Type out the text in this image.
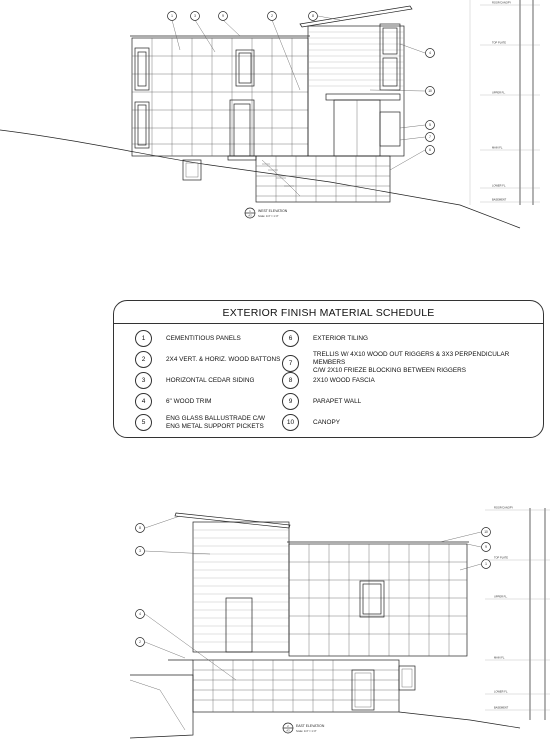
1	3	9	2	8
4
10
5
7
6
ROOF/CANOPY
TOP PLATE
UPPER FL.
MAIN FL.
LOWER FL.
BASEMENT
1
A3
WEST ELEVATION
Scale: 1/4" = 1'-0"
EXTERIOR FINISH MATERIAL SCHEDULE
1	CEMENTITIOUS PANELS
2	2X4 VERT. & HORIZ. WOOD BATTONS
3	HORIZONTAL CEDAR SIDING
4	6" WOOD TRIM
5
ENG GLASS BALLUSTRADE C/W
ENG METAL SUPPORT PICKETS
6	EXTERIOR TILING
7
TRELLIS W/ 4X10 WOOD OUT RIGGERS & 3X3 PERPENDICULAR MEMBERS
C/W 2X10 FRIEZE BLOCKING BETWEEN RIGGERS
8	2X10 WOOD FASCIA
9	PARAPET WALL
10	CANOPY
8
3
10
9
1
4
2
ROOF/CANOPY
TOP PLATE
UPPER FL.
MAIN FL.
LOWER FL.
BASEMENT
2
A3
EAST ELEVATION
Scale: 1/4" = 1'-0"
